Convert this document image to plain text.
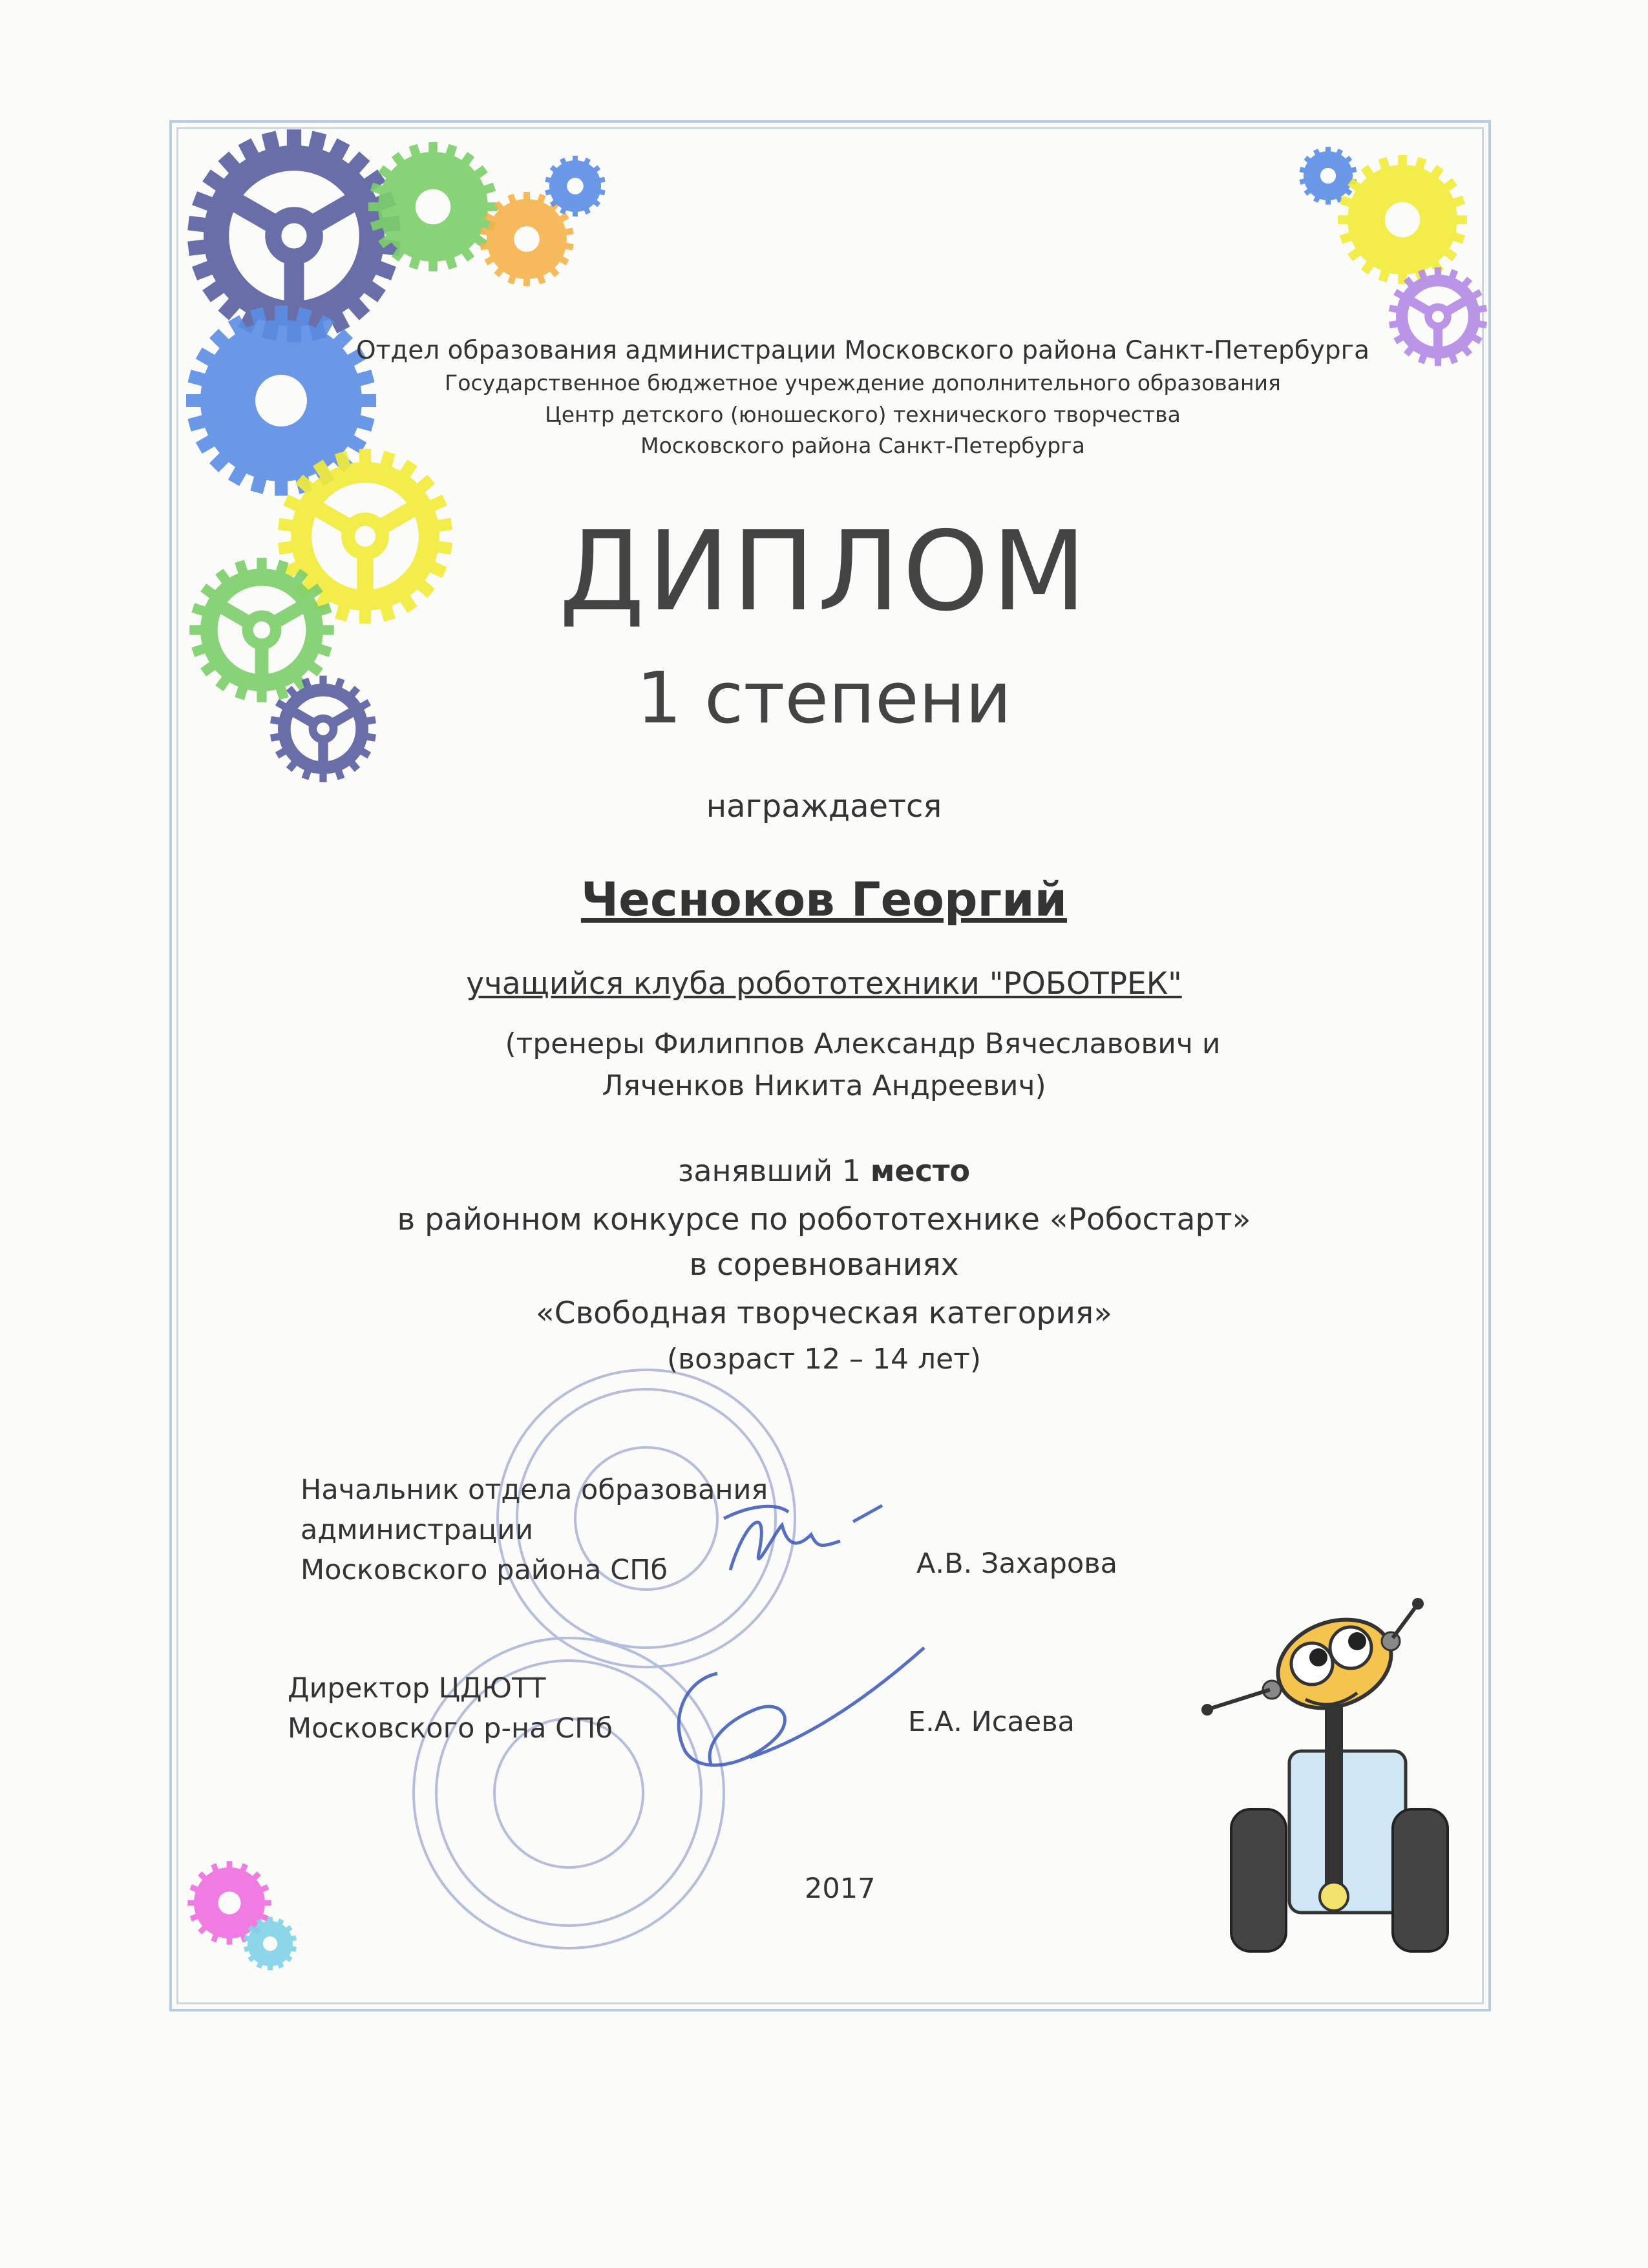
Отдел образования администрации Московского района Санкт-Петербурга
Государственное бюджетное учреждение дополнительного образования
Центр детского (юношеского) технического творчества
Московского района Санкт-Петербурга
ДИПЛОМ
1 степени
награждается
Чесноков Георгий
учащийся клуба робототехники "РОБОТРЕК"
(тренеры Филиппов Александр Вячеславович и
Ляченков Никита Андреевич)
занявший 1 место
в районном конкурсе по робототехнике «Робостарт»
в соревнованиях
«Свободная творческая категория»
(возраст 12 – 14 лет)
Начальник отдела образования
администрации
Московского района СПб	А.В. Захарова
Директор ЦДЮТТ
Московского р-на СПб	Е.А. Исаева
2017
